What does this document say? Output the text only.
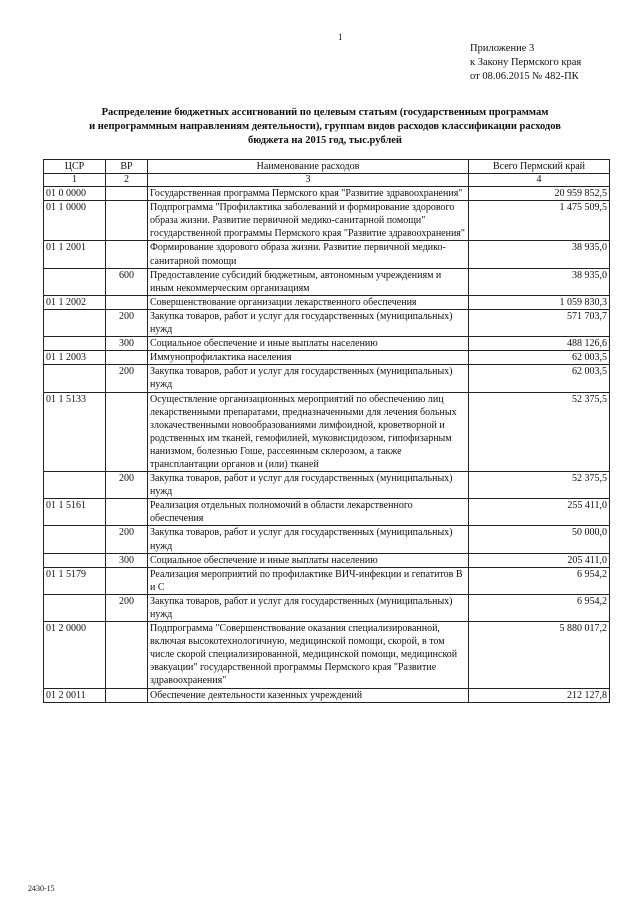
1
Приложение 3
к Закону Пермского края
от 08.06.2015 № 482-ПК
Распределение бюджетных ассигнований по целевым статьям (государственным программам
и непрограммным направлениям деятельности), группам видов расходов классификации расходов
бюджета на 2015 год, тыс.рублей
ЦСР	ВР	Наименование расходов	Всего Пермский край
1	2	3	4
01 0 0000		Государственная программа Пермского края "Развитие здравоохранения"	20 959 852,5
01 1 0000		Подпрограмма "Профилактика заболеваний и формирование здорового образа жизни. Развитие первичной медико-санитарной помощи" государственной программы Пермского края "Развитие здравоохранения"	1 475 509,5
01 1 2001		Формирование здорового образа жизни. Развитие первичной медико-санитарной помощи	38 935,0
	600	Предоставление субсидий бюджетным, автономным учреждениям и иным некоммерческим организациям	38 935,0
01 1 2002		Совершенствование организации лекарственного обеспечения	1 059 830,3
	200	Закупка товаров, работ и услуг для государственных (муниципальных) нужд	571 703,7
	300	Социальное обеспечение и иные выплаты населению	488 126,6
01 1 2003		Иммунопрофилактика населения	62 003,5
	200	Закупка товаров, работ и услуг для государственных (муниципальных) нужд	62 003,5
01 1 5133		Осуществление организационных мероприятий по обеспечению лиц лекарственными препаратами, предназначенными для лечения больных злокачественными новообразованиями лимфоидной, кроветворной и родственных им тканей, гемофилией, муковисцидозом, гипофизарным нанизмом, болезнью Гоше, рассеянным склерозом, а также трансплантации органов и (или) тканей	52 375,5
	200	Закупка товаров, работ и услуг для государственных (муниципальных) нужд	52 375,5
01 1 5161		Реализация отдельных полномочий в области лекарственного обеспечения	255 411,0
	200	Закупка товаров, работ и услуг для государственных (муниципальных) нужд	50 000,0
	300	Социальное обеспечение и иные выплаты населению	205 411,0
01 1 5179		Реализация мероприятий по профилактике ВИЧ-инфекции и гепатитов B и C	6 954,2
	200	Закупка товаров, работ и услуг для государственных (муниципальных) нужд	6 954,2
01 2 0000		Подпрограмма "Совершенствование оказания специализированной, включая высокотехнологичную, медицинской помощи, скорой, в том числе скорой специализированной, медицинской помощи, медицинской эвакуации" государственной программы Пермского края "Развитие здравоохранения"	5 880 017,2
01 2 0011		Обеспечение деятельности казенных учреждений	212 127,8
2430-15
